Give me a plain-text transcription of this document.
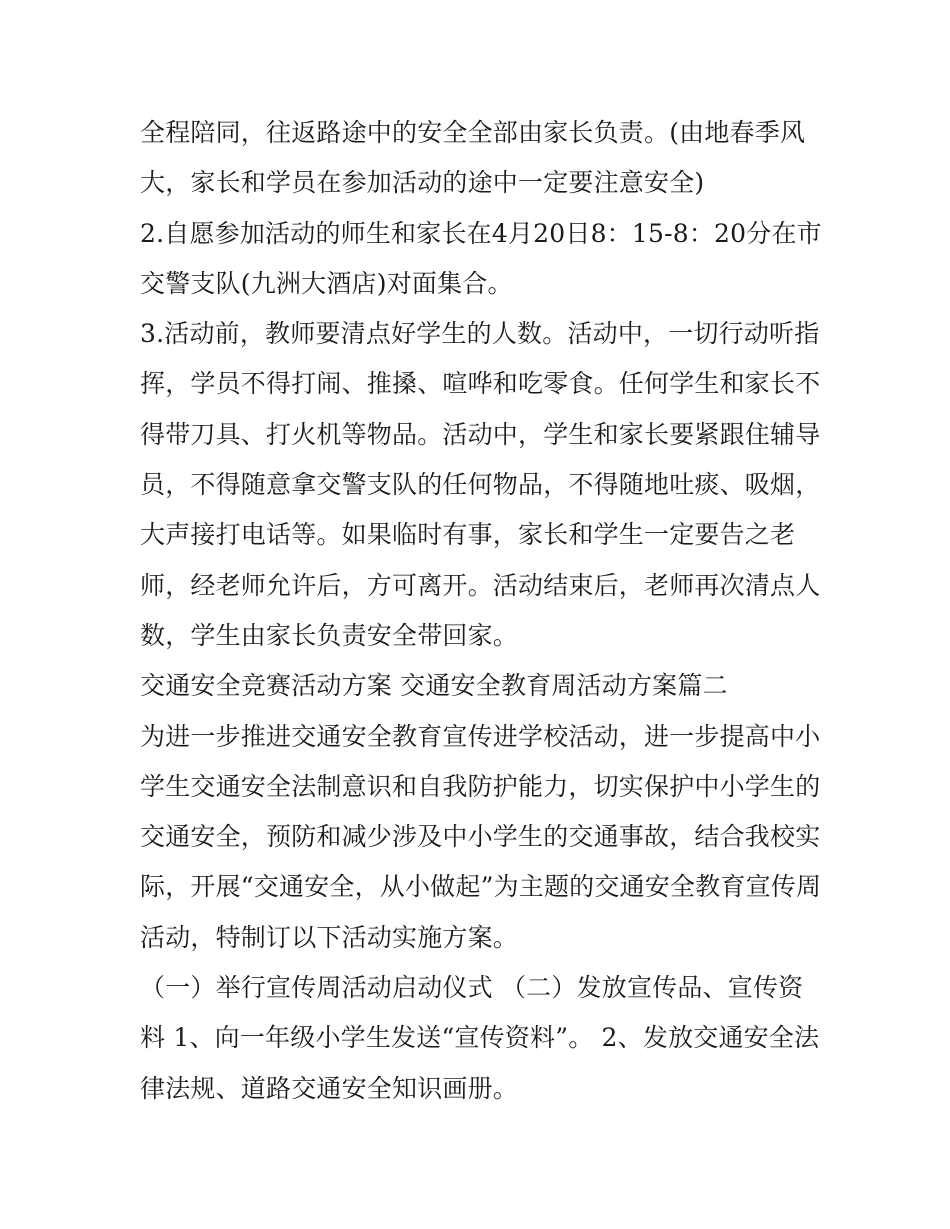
全程陪同，往返路途中的安全全部由家长负责。(由地春季风
大，家长和学员在参加活动的途中一定要注意安全)
2.自愿参加活动的师生和家长在4月20日8：15-8：20分在市
交警支队(九洲大酒店)对面集合。
3.活动前，教师要清点好学生的人数。活动中，一切行动听指
挥，学员不得打闹、推搡、喧哗和吃零食。任何学生和家长不
得带刀具、打火机等物品。活动中，学生和家长要紧跟住辅导
员，不得随意拿交警支队的任何物品，不得随地吐痰、吸烟，
大声接打电话等。如果临时有事，家长和学生一定要告之老
师，经老师允许后，方可离开。活动结束后，老师再次清点人
数，学生由家长负责安全带回家。
交通安全竞赛活动方案 交通安全教育周活动方案篇二
为进一步推进交通安全教育宣传进学校活动，进一步提高中小
学生交通安全法制意识和自我防护能力，切实保护中小学生的
交通安全，预防和减少涉及中小学生的交通事故，结合我校实
际，开展“交通安全，从小做起”为主题的交通安全教育宣传周
活动，特制订以下活动实施方案。
（一）举行宣传周活动启动仪式 （二）发放宣传品、宣传资
料 1、向一年级小学生发送“宣传资料”。 2、发放交通安全法
律法规、道路交通安全知识画册。
